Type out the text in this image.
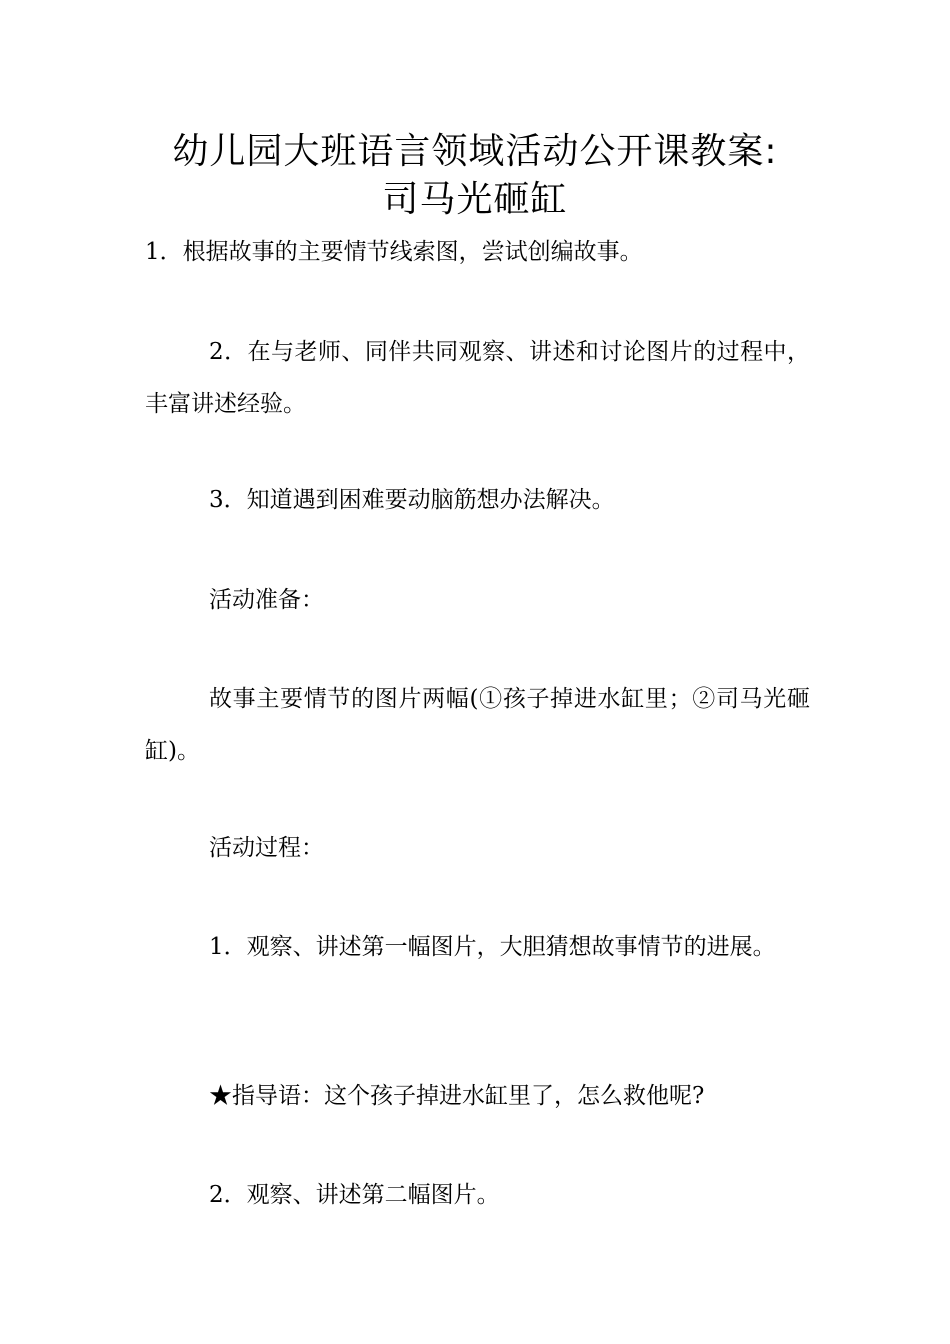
幼儿园大班语言领域活动公开课教案:
司马光砸缸

1．根据故事的主要情节线索图，尝试创编故事。

2．在与老师、同伴共同观察、讲述和讨论图片的过程中，丰富讲述经验。

3．知道遇到困难要动脑筋想办法解决。

活动准备：

故事主要情节的图片两幅(①孩子掉进水缸里；②司马光砸缸)。

活动过程：

1．观察、讲述第一幅图片，大胆猜想故事情节的进展。

★指导语：这个孩子掉进水缸里了，怎么救他呢?

2．观察、讲述第二幅图片。
